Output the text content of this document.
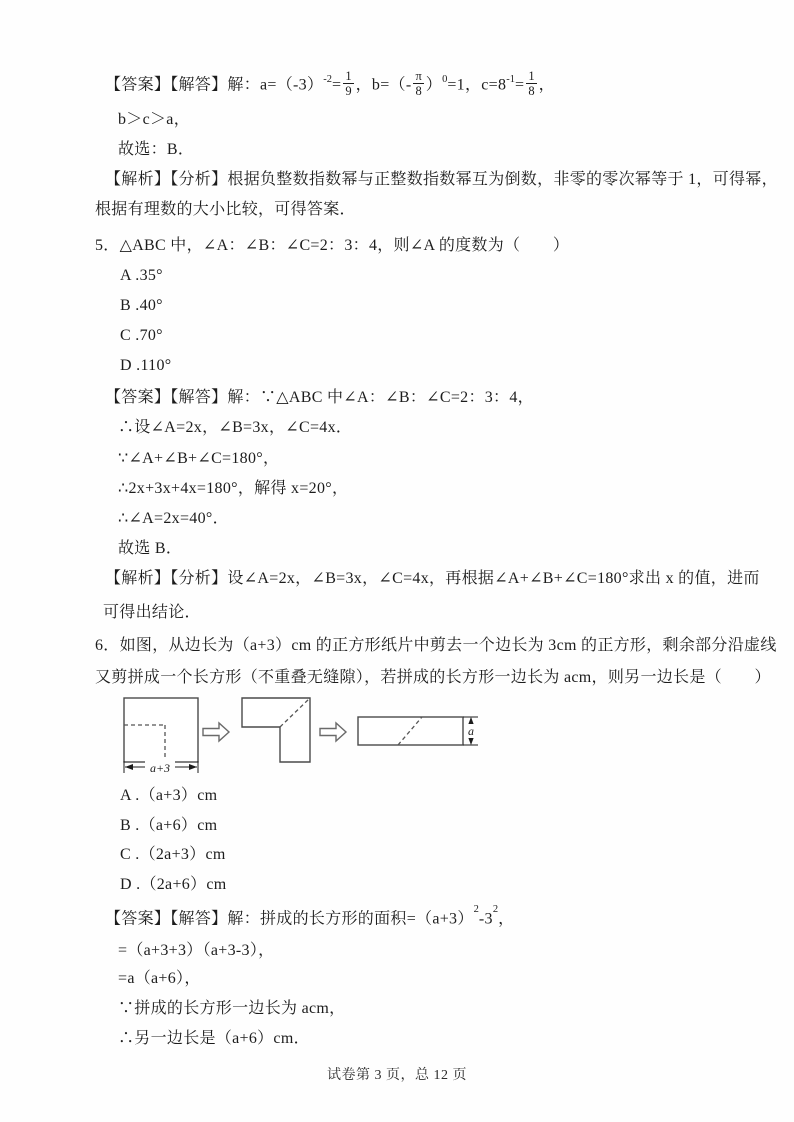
【答案】【解答】解：$a=(-3)^{-2}= \frac{1}{9}$ ，$b=(- \frac{\pi}{8} )^0=1$，$c=8^{-1}= \frac{1}{8}$ ，
b＞c＞a，
故选：B．
【解析】【分析】根据负整数指数幂与正整数指数幂互为倒数，非零的零次幂等于 1，可得幂，
根据有理数的大小比较，可得答案．
5．△ABC 中，∠A：∠B：∠C=2：3：4，则∠A 的度数为（　　）
A .35°
B .40°
C .70°
D .110°
【答案】【解答】解：∵△ABC 中∠A：∠B：∠C=2：3：4，
∴设∠A=2x，∠B=3x，∠C=4x．
∵∠A+∠B+∠C=180°，
∴2x+3x+4x=180°，解得 x=20°，
∴∠A=2x=40°．
故选 B．
【解析】【分析】设∠A=2x，∠B=3x，∠C=4x，再根据∠A+∠B+∠C=180°求出 x 的值，进而
可得出结论．
6．如图，从边长为（a+3）cm 的正方形纸片中剪去一个边长为 3cm 的正方形，剩余部分沿虚线
又剪拼成一个长方形（不重叠无缝隙），若拼成的长方形一边长为 acm，则另一边长是（　　）
a+3
a
A .（a+3）cm
B .（a+6）cm
C .（2a+3）cm
D .（2a+6）cm
【答案】【解答】解：拼成的长方形的面积$=(a+3)^2-3^2$，
=（a+3+3）（a+3-3），
=a（a+6），
∵拼成的长方形一边长为 acm，
∴另一边长是（a+6）cm．
试卷第 3 页，总 12 页
